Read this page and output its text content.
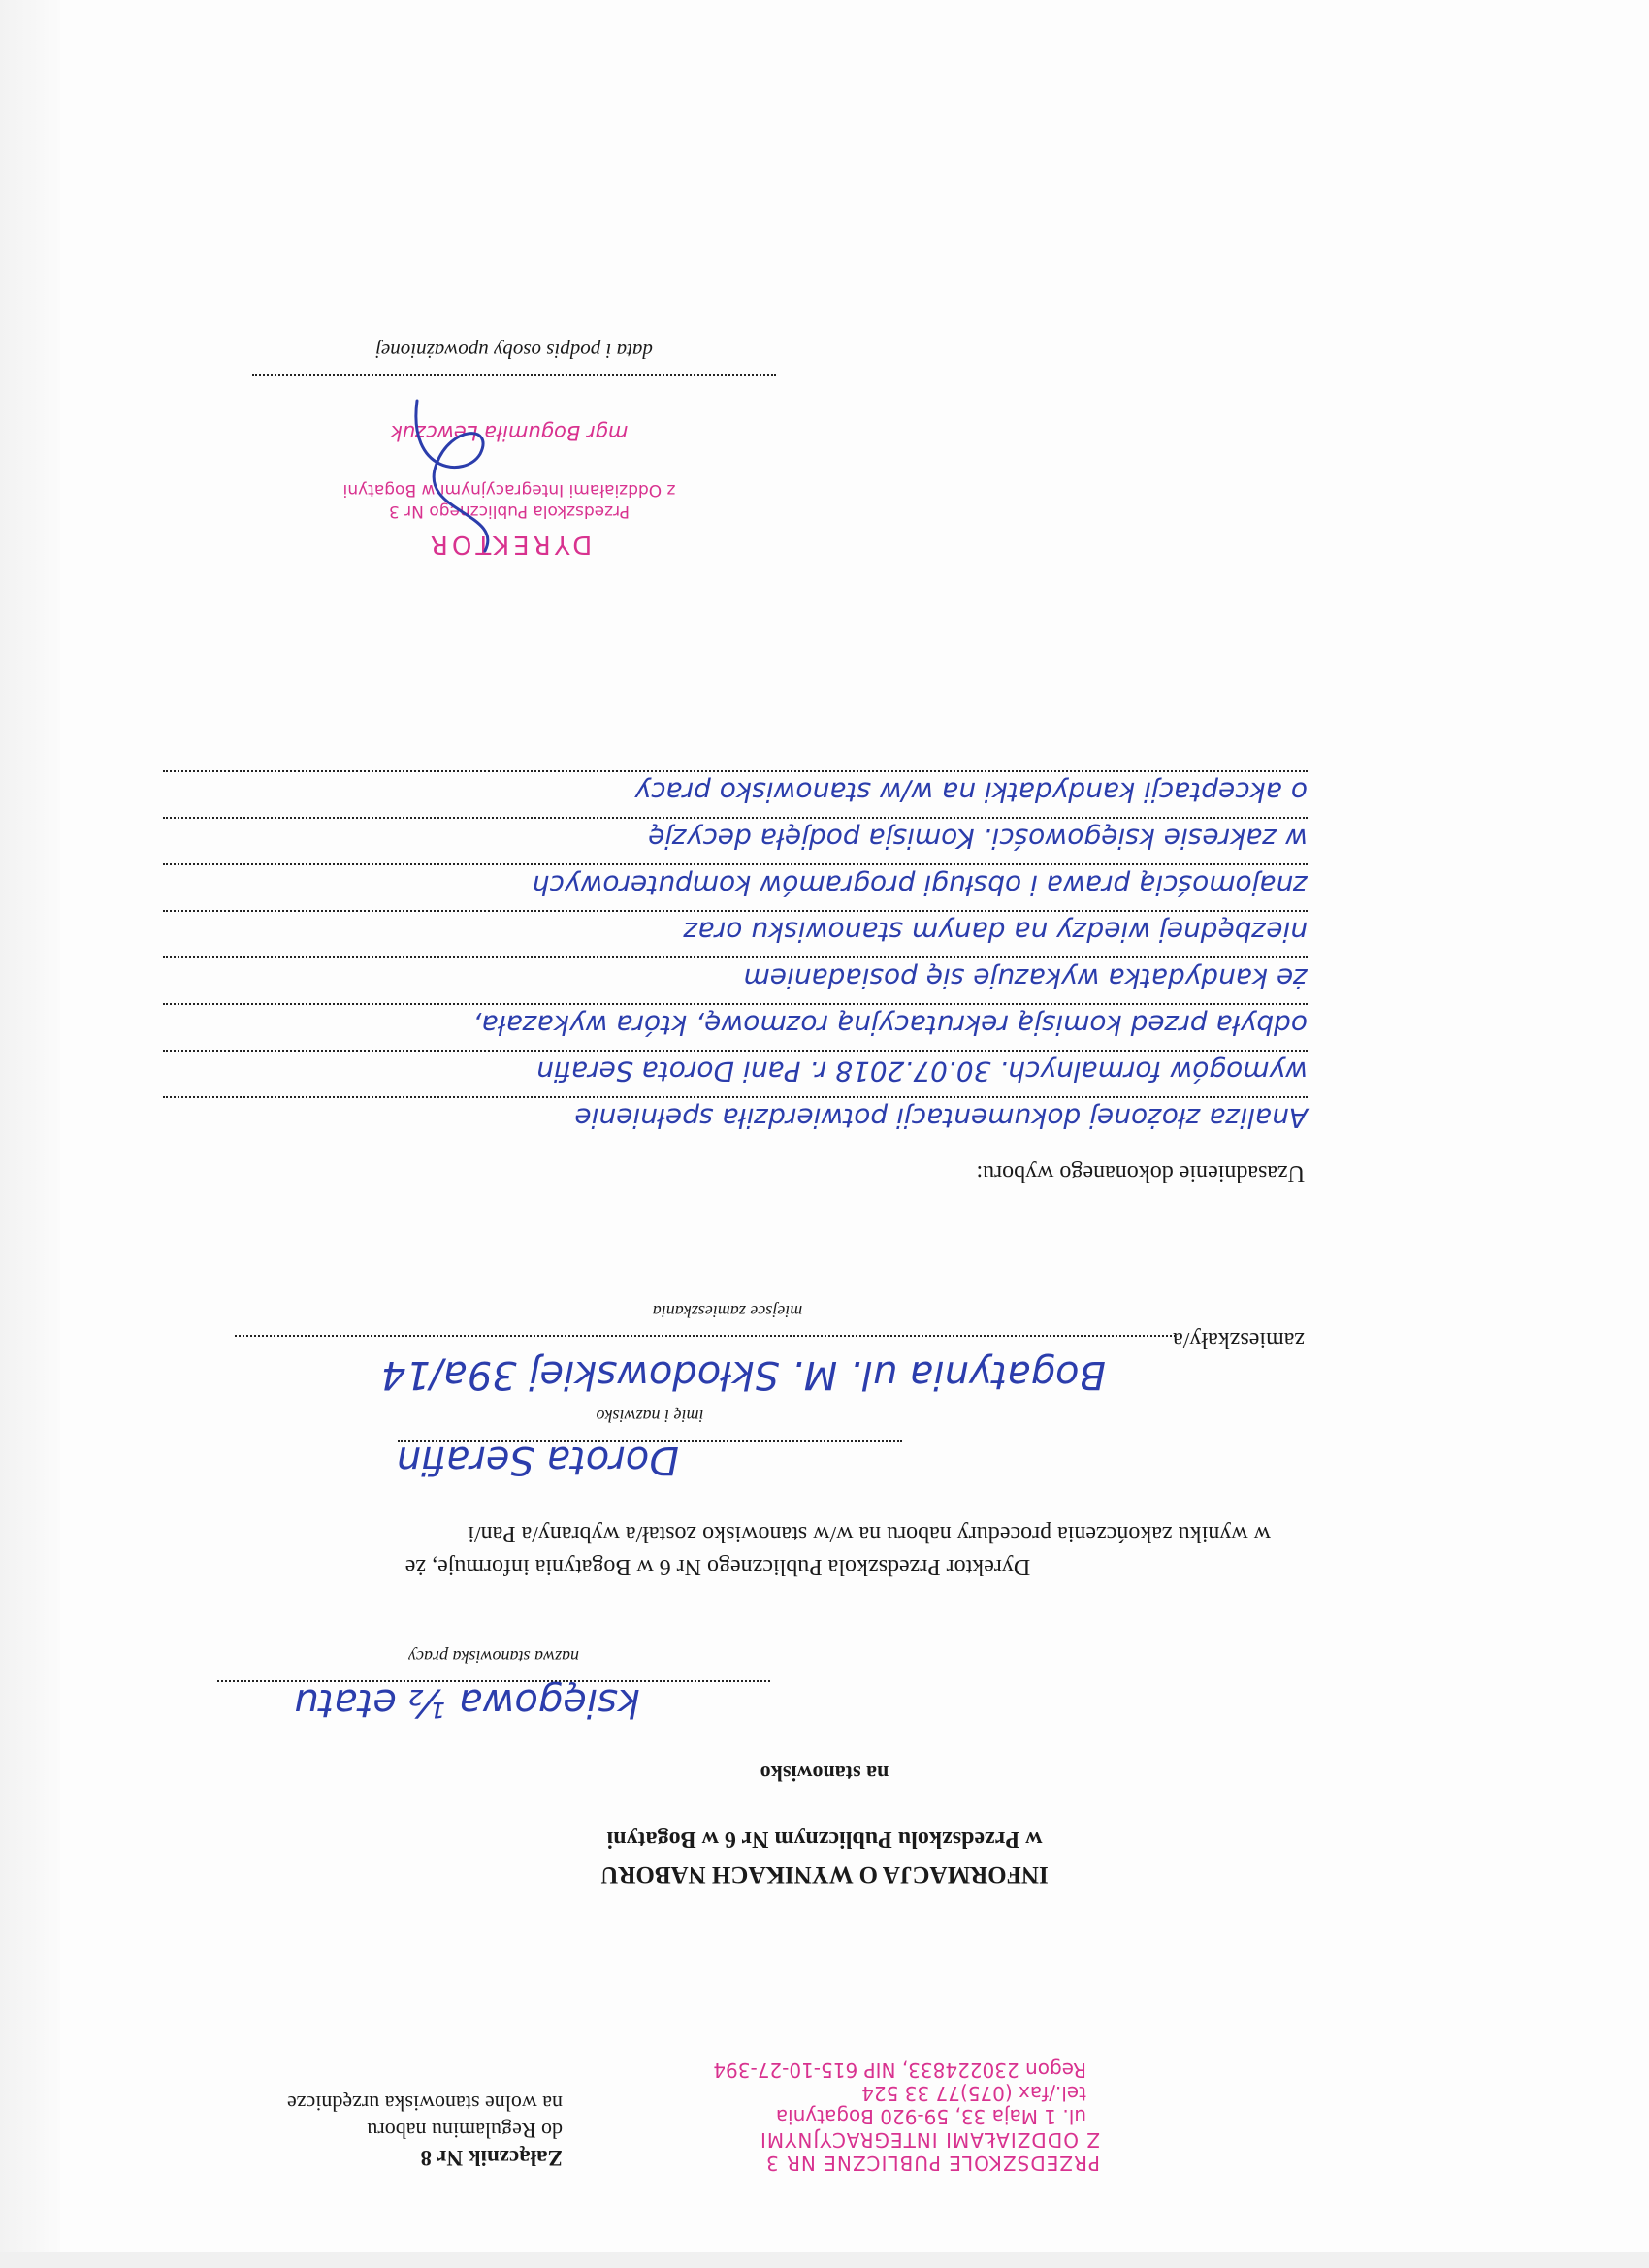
PRZEDSZKOLE PUBLICZNE NR 3
Z ODDZIAŁAMI INTEGRACYJNYMI
ul. 1 Maja 33, 59-920 Bogatynia
tel./fax (075)77 33 524
Regon 230224833, NIP 615-10-27-394
Załącznik Nr 8
do Regulaminu naboru
na wolne stanowiska urzędnicze
INFORMACJA O WYNIKACH NABORU
w Przedszkolu Publicznym Nr 6 w Bogatyni
na stanowisko
księgowa ½ etatu
nazwa stanowiska pracy
Dyrektor Przedszkola Publicznego Nr 6 w Bogatynia informuje, że
w wyniku zakończenia procedury naboru na w/w stanowisko został/a wybrany/a Pan/i
Dorota Serafin
imię i nazwisko
zamieszkały/a
Bogatynia ul. M. Skłodowskiej 39a/14
miejsce zamieszkania
Uzasadnienie dokonanego wyboru:
Analiza złożonej dokumentacji potwierdziła spełnienie
wymogów formalnych. 30.07.2018 r. Pani Dorota Serafin
odbyła przed komisją rekrutacyjną rozmowę, która wykazała,
że kandydatka wykazuje się posiadaniem
niezbędnej wiedzy na danym stanowisku oraz
znajomością prawa i obsługi programów komputerowych
w zakresie księgowości. Komisja podjęła decyzję
o akceptacji kandydatki na w/w stanowisko pracy
DYREKTOR
Przedszkola Publicznego Nr 3
z Oddziałami Integracyjnymi w Bogatyni
mgr Bogumiła Lewczuk
data i podpis osoby upoważnionej
